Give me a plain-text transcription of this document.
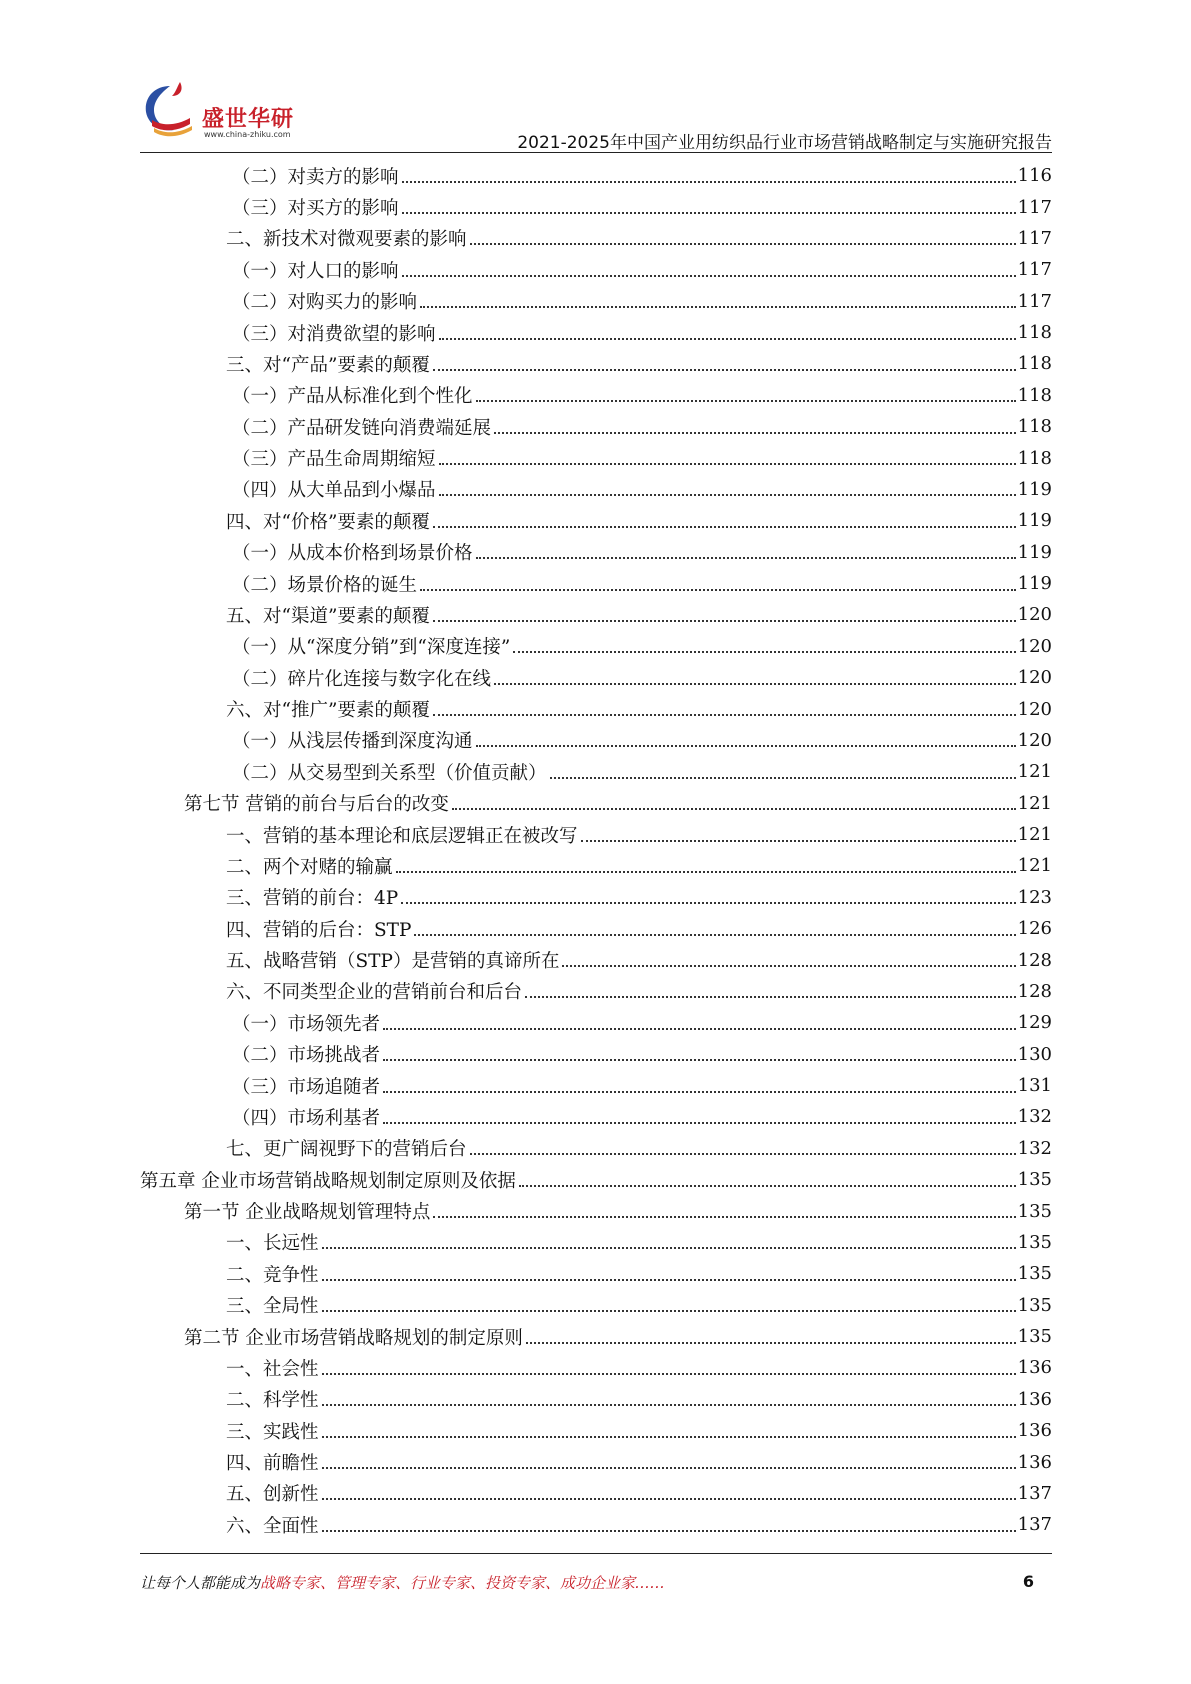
盛世华研
www.china-zhiku.com	2021-2025年中国产业用纺织品行业市场营销战略制定与实施研究报告
（二）对卖方的影响	116
（三）对买方的影响	117
二、新技术对微观要素的影响	117
（一）对人口的影响	117
（二）对购买力的影响	117
（三）对消费欲望的影响	118
三、对“产品”要素的颠覆	118
（一）产品从标准化到个性化	118
（二）产品研发链向消费端延展	118
（三）产品生命周期缩短	118
（四）从大单品到小爆品	119
四、对“价格”要素的颠覆	119
（一）从成本价格到场景价格	119
（二）场景价格的诞生	119
五、对“渠道”要素的颠覆	120
（一）从“深度分销”到“深度连接”	120
（二）碎片化连接与数字化在线	120
六、对“推广”要素的颠覆	120
（一）从浅层传播到深度沟通	120
（二）从交易型到关系型（价值贡献）	121
第七节 营销的前台与后台的改变	121
一、营销的基本理论和底层逻辑正在被改写	121
二、两个对赌的输赢	121
三、营销的前台：4P	123
四、营销的后台：STP	126
五、战略营销（STP）是营销的真谛所在	128
六、不同类型企业的营销前台和后台	128
（一）市场领先者	129
（二）市场挑战者	130
（三）市场追随者	131
（四）市场利基者	132
七、更广阔视野下的营销后台	132
第五章 企业市场营销战略规划制定原则及依据	135
第一节 企业战略规划管理特点	135
一、长远性	135
二、竞争性	135
三、全局性	135
第二节 企业市场营销战略规划的制定原则	135
一、社会性	136
二、科学性	136
三、实践性	136
四、前瞻性	136
五、创新性	137
六、全面性	137
让每个人都能成为战略专家、管理专家、行业专家、投资专家、成功企业家……	6
